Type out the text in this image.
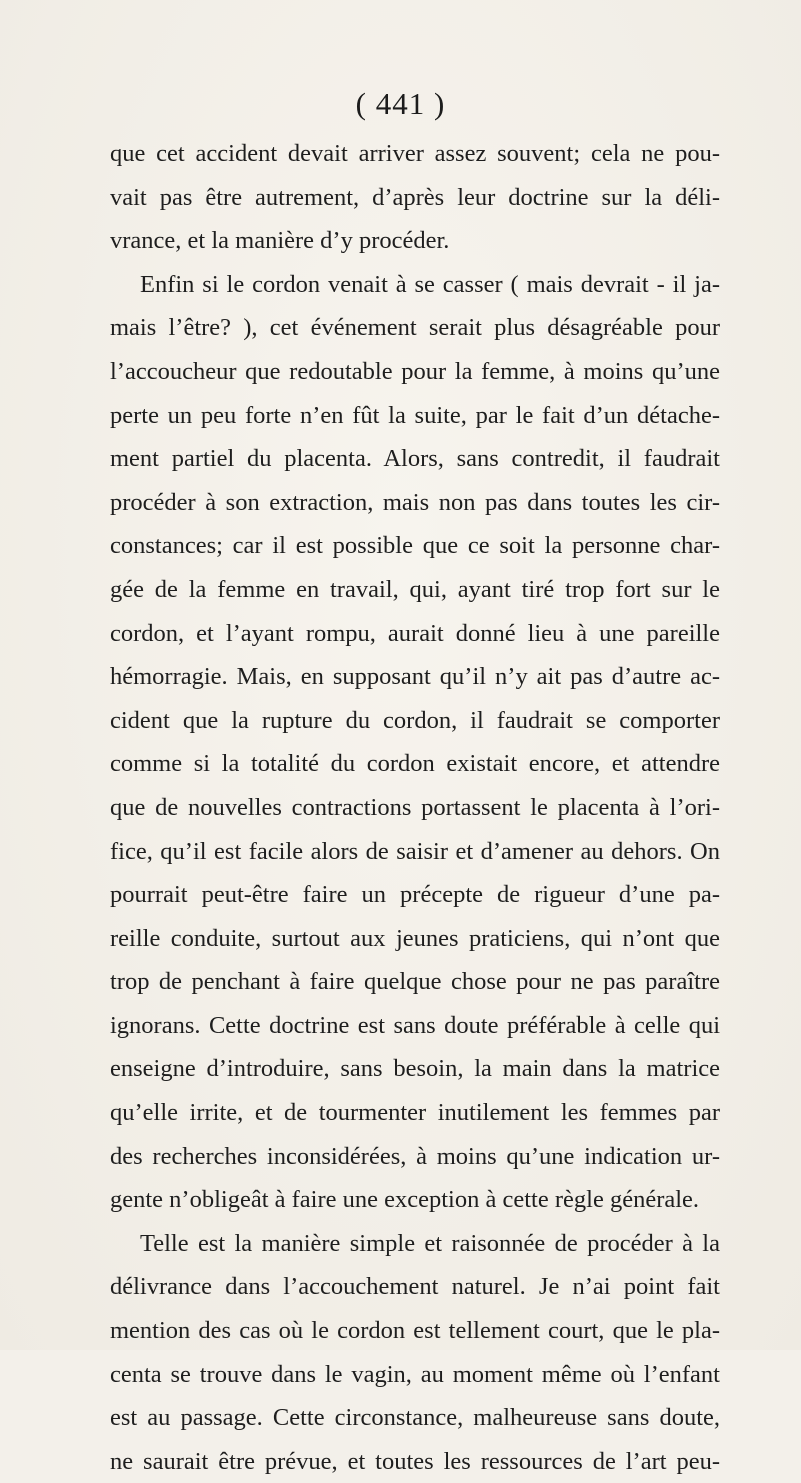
( 441 )
que cet accident devait arriver assez souvent; cela ne pou-
vait pas être autrement, d’après leur doctrine sur la déli-
vrance, et la manière d’y procéder.
Enfin si le cordon venait à se casser ( mais devrait - il ja-
mais l’être? ), cet événement serait plus désagréable pour
l’accoucheur que redoutable pour la femme, à moins qu’une
perte un peu forte n’en fût la suite, par le fait d’un détache-
ment partiel du placenta. Alors, sans contredit, il faudrait
procéder à son extraction, mais non pas dans toutes les cir-
constances; car il est possible que ce soit la personne char-
gée de la femme en travail, qui, ayant tiré trop fort sur le
cordon, et l’ayant rompu, aurait donné lieu à une pareille
hémorragie. Mais, en supposant qu’il n’y ait pas d’autre ac-
cident que la rupture du cordon, il faudrait se comporter
comme si la totalité du cordon existait encore, et attendre
que de nouvelles contractions portassent le placenta à l’ori-
fice, qu’il est facile alors de saisir et d’amener au dehors. On
pourrait peut-être faire un précepte de rigueur d’une pa-
reille conduite, surtout aux jeunes praticiens, qui n’ont que
trop de penchant à faire quelque chose pour ne pas paraître
ignorans. Cette doctrine est sans doute préférable à celle qui
enseigne d’introduire, sans besoin, la main dans la matrice
qu’elle irrite, et de tourmenter inutilement les femmes par
des recherches inconsidérées, à moins qu’une indication ur-
gente n’obligeât à faire une exception à cette règle générale.
Telle est la manière simple et raisonnée de procéder à la
délivrance dans l’accouchement naturel. Je n’ai point fait
mention des cas où le cordon est tellement court, que le pla-
centa se trouve dans le vagin, au moment même où l’enfant
est au passage. Cette circonstance, malheureuse sans doute,
ne saurait être prévue, et toutes les ressources de l’art peu-
